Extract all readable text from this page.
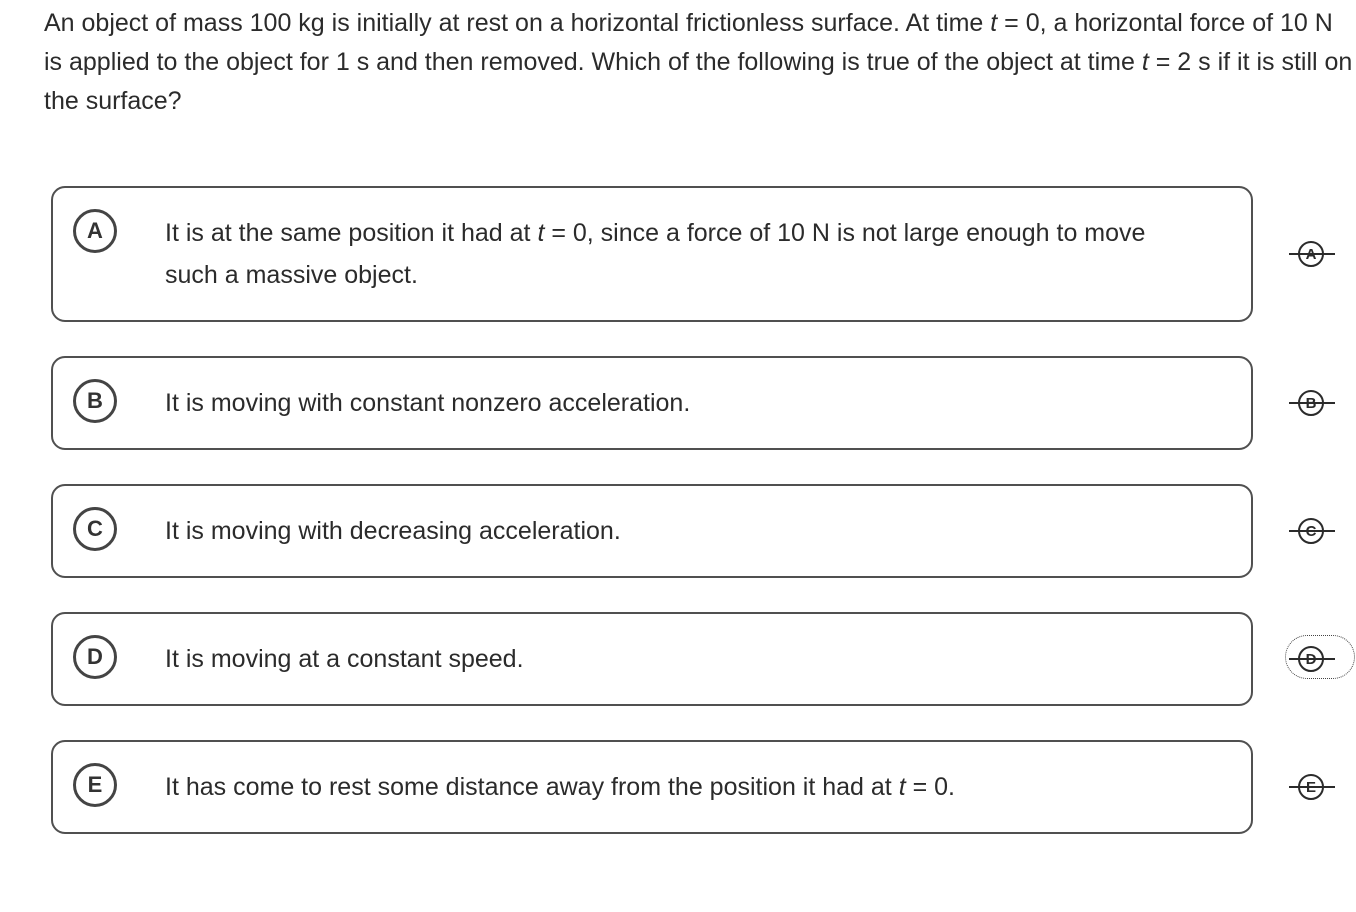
An object of mass 100 kg is initially at rest on a horizontal frictionless surface. At time t = 0, a horizontal force of 10 N is applied to the object for 1 s and then removed. Which of the following is true of the object at time t = 2 s if it is still on the surface?
A	It is at the same position it had at t = 0, since a force of 10 N is not large enough to move such a massive object.
B	It is moving with constant nonzero acceleration.
C	It is moving with decreasing acceleration.
D	It is moving at a constant speed.	D
E	It has come to rest some distance away from the position it had at t = 0.
